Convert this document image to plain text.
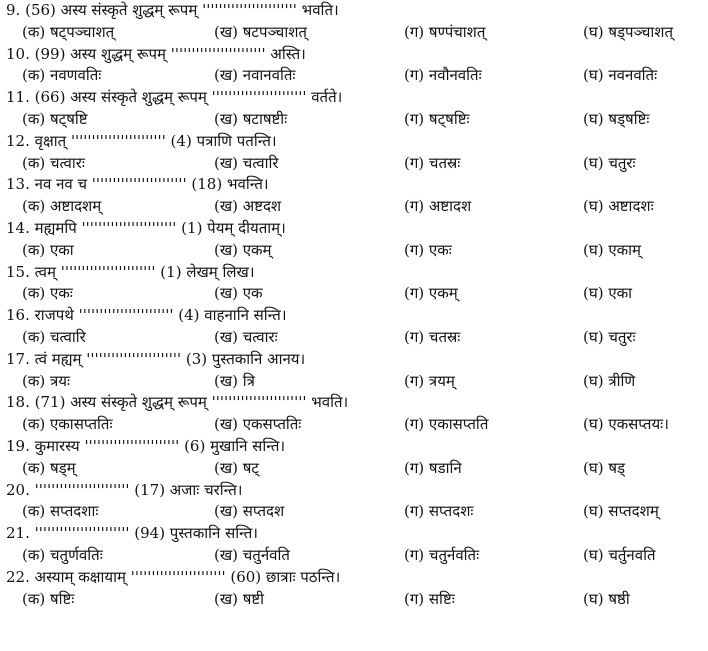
9. (56) अस्य संस्कृते शुद्धम् रूपम् ''''''''''''''''''''''' भवति।
(क) षट्पञ्चाशत्	(ख) षटपञ्चाशत्	(ग) षण्पंचाशत्	(घ) षड्पञ्चाशत्
10. (99) अस्य शुद्धम् रूपम् ''''''''''''''''''''''' अस्ति।
(क) नवणवतिः	(ख) नवानवतिः	(ग) नवौनवतिः	(घ) नवनवतिः
11. (66) अस्य संस्कृते शुद्धम् रूपम् ''''''''''''''''''''''' वर्तते।
(क) षट्षष्टि	(ख) षटाषष्टीः	(ग) षट्षष्टिः	(घ) षड्षष्टिः
12. वृक्षात् ''''''''''''''''''''''' (4) पत्राणि पतन्ति।
(क) चत्वारः	(ख) चत्वारि	(ग) चतस्रः	(घ) चतुरः
13. नव नव च ''''''''''''''''''''''' (18) भवन्ति।
(क) अष्टादशम्	(ख) अष्टदश	(ग) अष्टादश	(घ) अष्टादशः
14. मह्यमपि ''''''''''''''''''''''' (1) पेयम् दीयताम्।
(क) एका	(ख) एकम्	(ग) एकः	(घ) एकाम्
15. त्वम् ''''''''''''''''''''''' (1) लेखम् लिख।
(क) एकः	(ख) एक	(ग) एकम्	(घ) एका
16. राजपथे ''''''''''''''''''''''' (4) वाहनानि सन्ति।
(क) चत्वारि	(ख) चत्वारः	(ग) चतस्रः	(घ) चतुरः
17. त्वं मह्यम् ''''''''''''''''''''''' (3) पुस्तकानि आनय।
(क) त्रयः	(ख) त्रि	(ग) त्रयम्	(घ) त्रीणि
18. (71) अस्य संस्कृते शुद्धम् रूपम् ''''''''''''''''''''''' भवति।
(क) एकासप्ततिः	(ख) एकसप्ततिः	(ग) एकासप्तति	(घ) एकसप्तयः।
19. कुमारस्य ''''''''''''''''''''''' (6) मुखानि सन्ति।
(क) षड्म्	(ख) षट्	(ग) षडानि	(घ) षड्
20. ''''''''''''''''''''''' (17) अजाः चरन्ति।
(क) सप्तदशाः	(ख) सप्तदश	(ग) सप्तदशः	(घ) सप्तदशम्
21. ''''''''''''''''''''''' (94) पुस्तकानि सन्ति।
(क) चतुर्णवतिः	(ख) चतुर्नवति	(ग) चतुर्नवतिः	(घ) चर्तुनवति
22. अस्याम् कक्षायाम् ''''''''''''''''''''''' (60) छात्राः पठन्ति।
(क) षष्टिः	(ख) षष्टी	(ग) सष्टिः	(घ) षष्ठी
